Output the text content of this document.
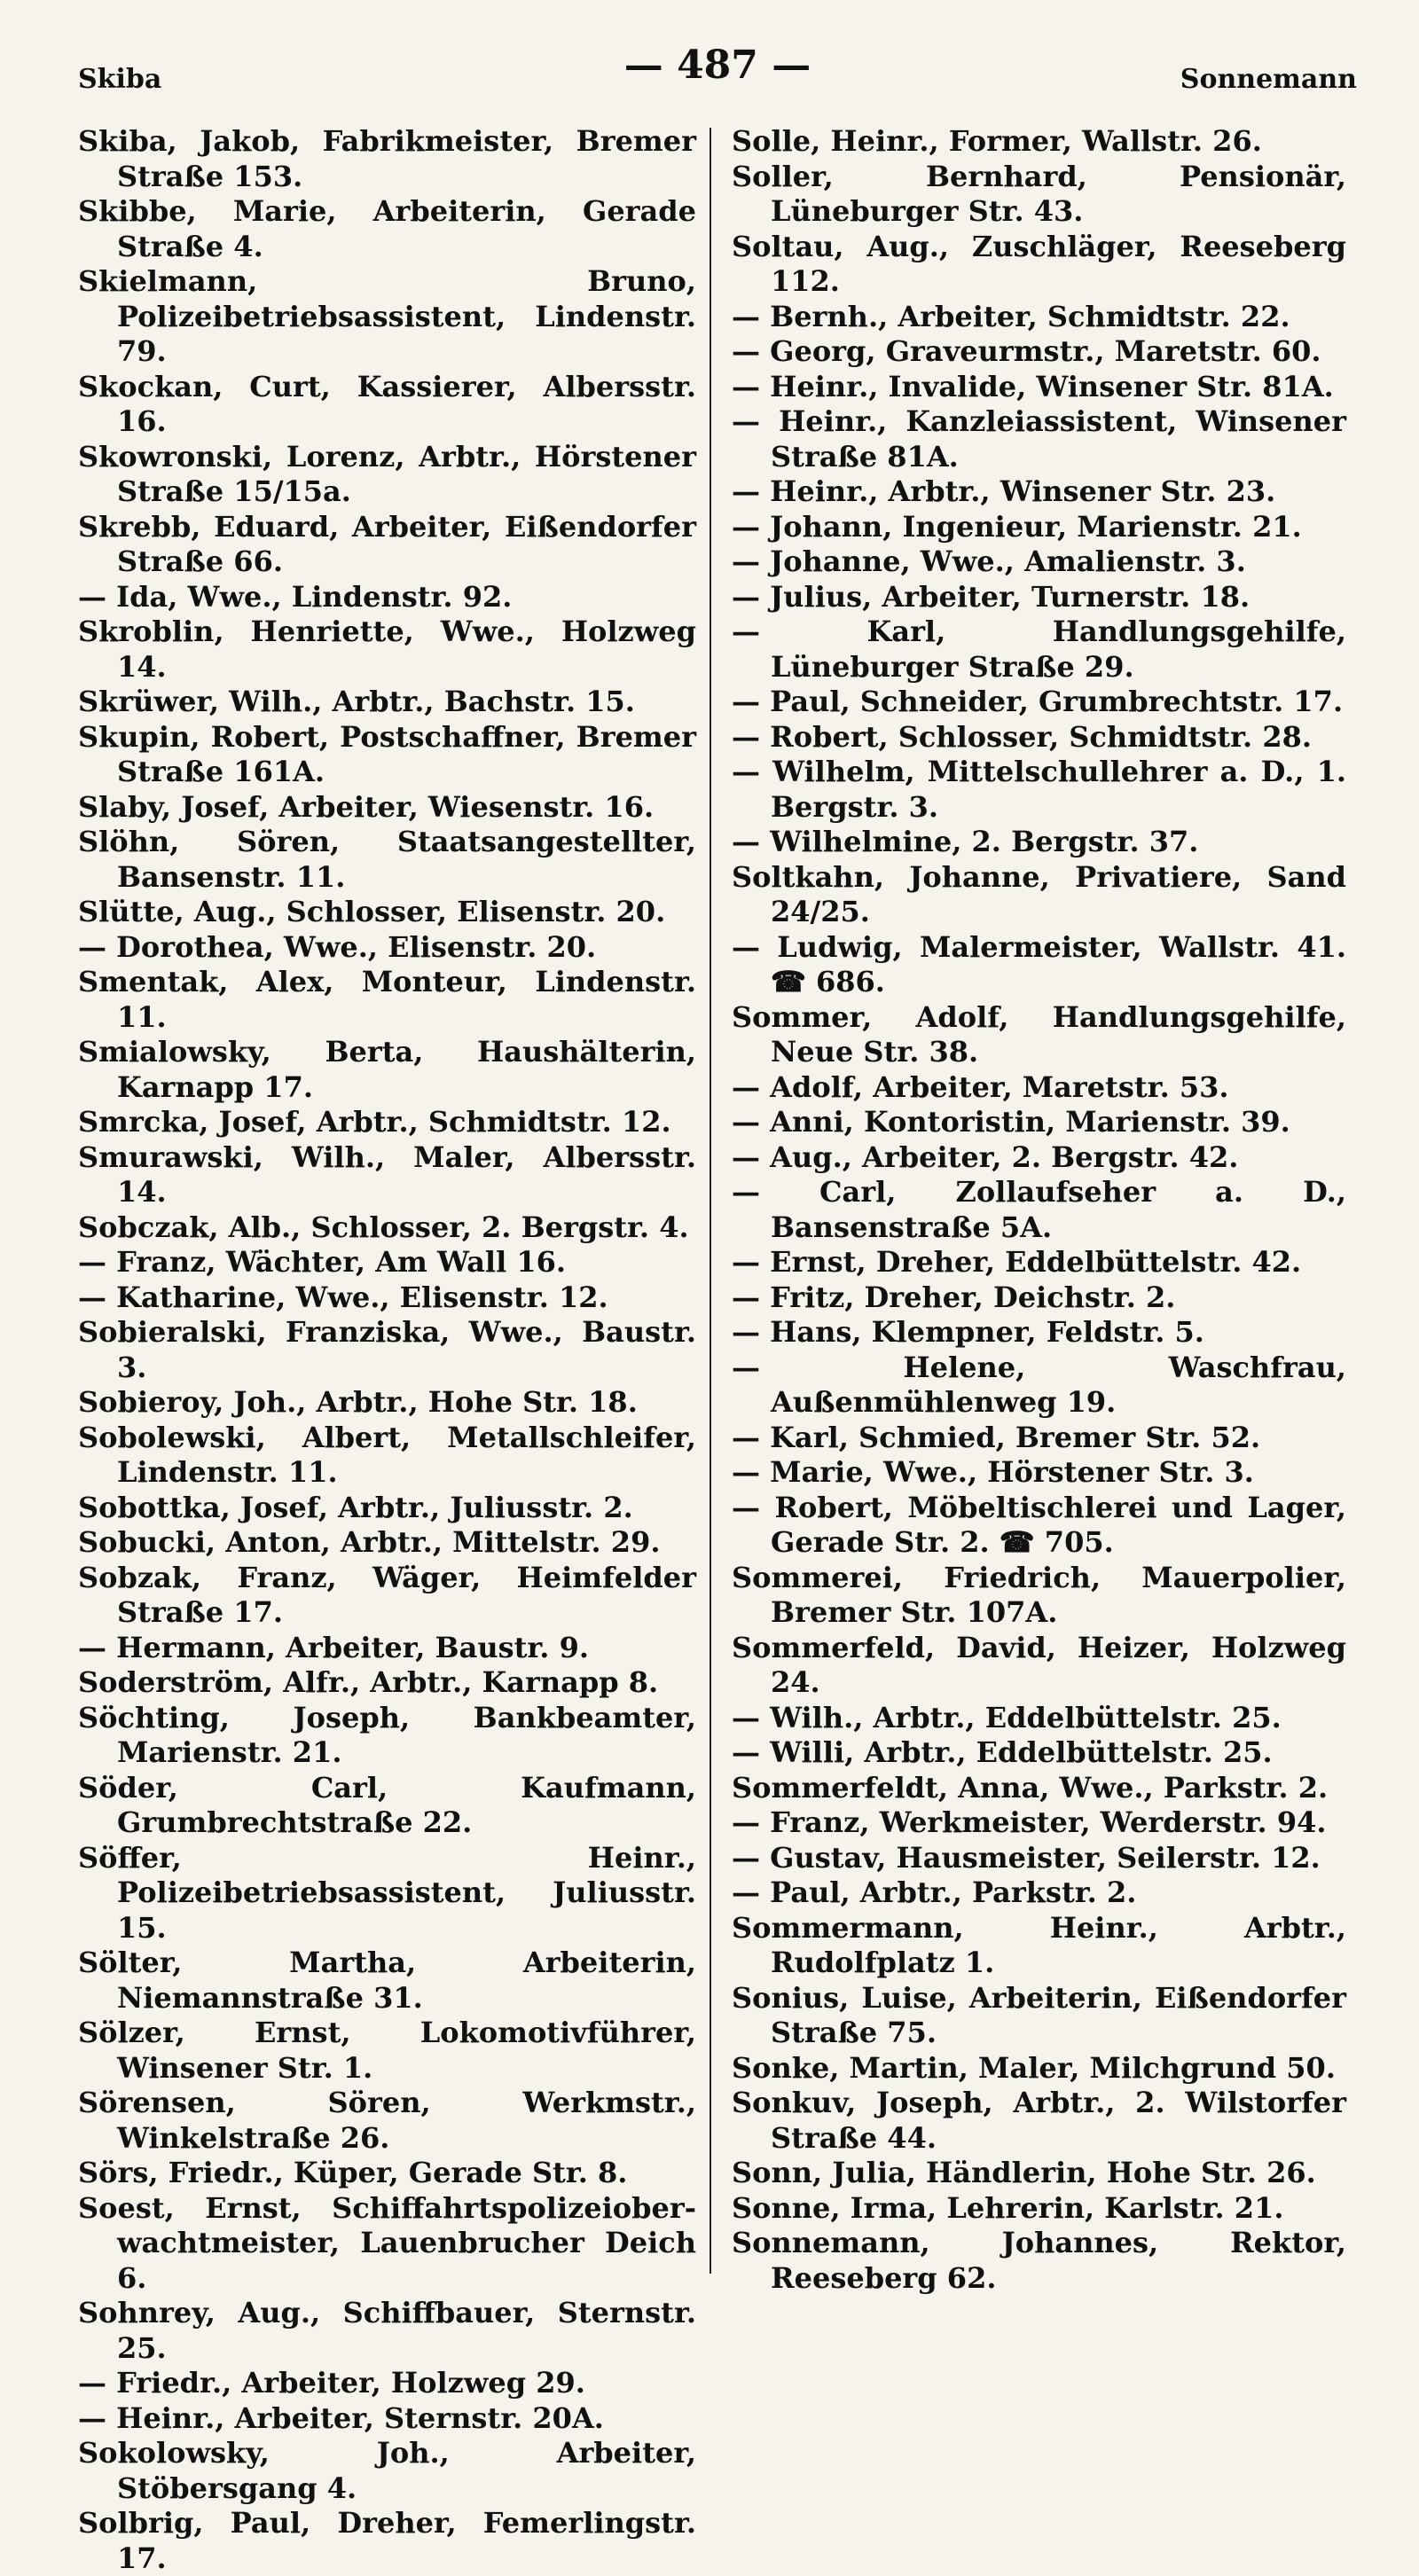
Skiba	— 487 —	Sonnemann
Skiba, Jakob, Fabrikmeister, Bremer Straße 153.
Skibbe, Marie, Arbeiterin, Gerade Straße 4.
Skielmann, Bruno, Polizeibetriebsassistent, Lindenstr. 79.
Skockan, Curt, Kassierer, Albersstr. 16.
Skowronski, Lorenz, Arbtr., Hörstener Straße 15/15a.
Skrebb, Eduard, Arbeiter, Eißendorfer Straße 66.
— Ida, Wwe., Lindenstr. 92.
Skroblin, Henriette, Wwe., Holzweg 14.
Skrüwer, Wilh., Arbtr., Bachstr. 15.
Skupin, Robert, Postschaffner, Bremer Straße 161A.
Slaby, Josef, Arbeiter, Wiesenstr. 16.
Slöhn, Sören, Staatsangestellter, Bansenstr. 11.
Slütte, Aug., Schlosser, Elisenstr. 20.
— Dorothea, Wwe., Elisenstr. 20.
Smentak, Alex, Monteur, Lindenstr. 11.
Smialowsky, Berta, Haushälterin, Karnapp 17.
Smrcka, Josef, Arbtr., Schmidtstr. 12.
Smurawski, Wilh., Maler, Albersstr. 14.
Sobczak, Alb., Schlosser, 2. Bergstr. 4.
— Franz, Wächter, Am Wall 16.
— Katharine, Wwe., Elisenstr. 12.
Sobieralski, Franziska, Wwe., Baustr. 3.
Sobieroy, Joh., Arbtr., Hohe Str. 18.
Sobolewski, Albert, Metallschleifer, Lindenstr. 11.
Sobottka, Josef, Arbtr., Juliusstr. 2.
Sobucki, Anton, Arbtr., Mittelstr. 29.
Sobzak, Franz, Wäger, Heimfelder Straße 17.
— Hermann, Arbeiter, Baustr. 9.
Soderström, Alfr., Arbtr., Karnapp 8.
Söchting, Joseph, Bankbeamter, Marienstr. 21.
Söder, Carl, Kaufmann, Grumbrechtstraße 22.
Söffer, Heinr., Polizeibetriebsassistent, Juliusstr. 15.
Sölter, Martha, Arbeiterin, Niemannstraße 31.
Sölzer, Ernst, Lokomotivführer, Winsener Str. 1.
Sörensen, Sören, Werkmstr., Winkelstraße 26.
Sörs, Friedr., Küper, Gerade Str. 8.
Soest, Ernst, Schiffahrtspolizeiober-wachtmeister, Lauenbrucher Deich 6.
Sohnrey, Aug., Schiffbauer, Sternstr. 25.
— Friedr., Arbeiter, Holzweg 29.
— Heinr., Arbeiter, Sternstr. 20A.
Sokolowsky, Joh., Arbeiter, Stöbersgang 4.
Solbrig, Paul, Dreher, Femerlingstr. 17.
Solle, Heinr., Former, Wallstr. 26.
Soller, Bernhard, Pensionär, Lüneburger Str. 43.
Soltau, Aug., Zuschläger, Reeseberg 112.
— Bernh., Arbeiter, Schmidtstr. 22.
— Georg, Graveurmstr., Maretstr. 60.
— Heinr., Invalide, Winsener Str. 81A.
— Heinr., Kanzleiassistent, Winsener Straße 81A.
— Heinr., Arbtr., Winsener Str. 23.
— Johann, Ingenieur, Marienstr. 21.
— Johanne, Wwe., Amalienstr. 3.
— Julius, Arbeiter, Turnerstr. 18.
— Karl, Handlungsgehilfe, Lüneburger Straße 29.
— Paul, Schneider, Grumbrechtstr. 17.
— Robert, Schlosser, Schmidtstr. 28.
— Wilhelm, Mittelschullehrer a. D., 1. Bergstr. 3.
— Wilhelmine, 2. Bergstr. 37.
Soltkahn, Johanne, Privatiere, Sand 24/25.
— Ludwig, Malermeister, Wallstr. 41. ☎ 686.
Sommer, Adolf, Handlungsgehilfe, Neue Str. 38.
— Adolf, Arbeiter, Maretstr. 53.
— Anni, Kontoristin, Marienstr. 39.
— Aug., Arbeiter, 2. Bergstr. 42.
— Carl, Zollaufseher a. D., Bansenstraße 5A.
— Ernst, Dreher, Eddelbüttelstr. 42.
— Fritz, Dreher, Deichstr. 2.
— Hans, Klempner, Feldstr. 5.
— Helene, Waschfrau, Außenmühlenweg 19.
— Karl, Schmied, Bremer Str. 52.
— Marie, Wwe., Hörstener Str. 3.
— Robert, Möbeltischlerei und Lager, Gerade Str. 2. ☎ 705.
Sommerei, Friedrich, Mauerpolier, Bremer Str. 107A.
Sommerfeld, David, Heizer, Holzweg 24.
— Wilh., Arbtr., Eddelbüttelstr. 25.
— Willi, Arbtr., Eddelbüttelstr. 25.
Sommerfeldt, Anna, Wwe., Parkstr. 2.
— Franz, Werkmeister, Werderstr. 94.
— Gustav, Hausmeister, Seilerstr. 12.
— Paul, Arbtr., Parkstr. 2.
Sommermann, Heinr., Arbtr., Rudolfplatz 1.
Sonius, Luise, Arbeiterin, Eißendorfer Straße 75.
Sonke, Martin, Maler, Milchgrund 50.
Sonkuv, Joseph, Arbtr., 2. Wilstorfer Straße 44.
Sonn, Julia, Händlerin, Hohe Str. 26.
Sonne, Irma, Lehrerin, Karlstr. 21.
Sonnemann, Johannes, Rektor, Reeseberg 62.
